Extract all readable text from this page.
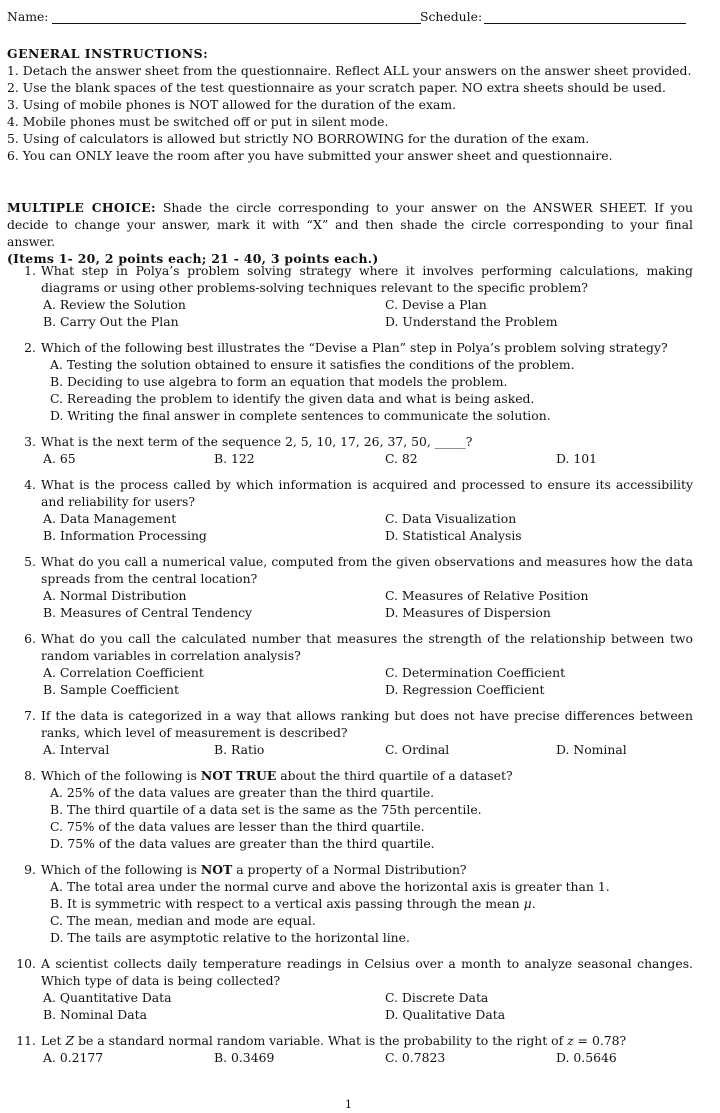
Name:	Schedule:
GENERAL INSTRUCTIONS:
1. Detach the answer sheet from the questionnaire. Reflect ALL your answers on the answer sheet provided.
2. Use the blank spaces of the test questionnaire as your scratch paper. NO extra sheets should be used.
3. Using of mobile phones is NOT allowed for the duration of the exam.
4. Mobile phones must be switched off or put in silent mode.
5. Using of calculators is allowed but strictly NO BORROWING for the duration of the exam.
6. You can ONLY leave the room after you have submitted your answer sheet and questionnaire.
MULTIPLE CHOICE: Shade the circle corresponding to your answer on the ANSWER SHEET. If you decide to change your answer, mark it with “X” and then shade the circle corresponding to your final answer.
(Items 1- 20, 2 points each; 21 - 40, 3 points each.)
1. What step in Polya’s problem solving strategy where it involves performing calculations, making diagrams or using other problems-solving techniques relevant to the specific problem?
A. Review the Solution	C. Devise a Plan
B. Carry Out the Plan	D. Understand the Problem
2. Which of the following best illustrates the “Devise a Plan” step in Polya’s problem solving strategy?
A. Testing the solution obtained to ensure it satisfies the conditions of the problem.
B. Deciding to use algebra to form an equation that models the problem.
C. Rereading the problem to identify the given data and what is being asked.
D. Writing the final answer in complete sentences to communicate the solution.
3. What is the next term of the sequence 2, 5, 10, 17, 26, 37, 50, _____?
A. 65	B. 122	C. 82	D. 101
4. What is the process called by which information is acquired and processed to ensure its accessibility and reliability for users?
A. Data Management	C. Data Visualization
B. Information Processing	D. Statistical Analysis
5. What do you call a numerical value, computed from the given observations and measures how the data spreads from the central location?
A. Normal Distribution	C. Measures of Relative Position
B. Measures of Central Tendency	D. Measures of Dispersion
6. What do you call the calculated number that measures the strength of the relationship between two random variables in correlation analysis?
A. Correlation Coefficient	C. Determination Coefficient
B. Sample Coefficient	D. Regression Coefficient
7. If the data is categorized in a way that allows ranking but does not have precise differences between ranks, which level of measurement is described?
A. Interval	B. Ratio	C. Ordinal	D. Nominal
8. Which of the following is NOT TRUE about the third quartile of a dataset?
A. 25% of the data values are greater than the third quartile.
B. The third quartile of a data set is the same as the 75th percentile.
C. 75% of the data values are lesser than the third quartile.
D. 75% of the data values are greater than the third quartile.
9. Which of the following is NOT a property of a Normal Distribution?
A. The total area under the normal curve and above the horizontal axis is greater than 1.
B. It is symmetric with respect to a vertical axis passing through the mean μ.
C. The mean, median and mode are equal.
D. The tails are asymptotic relative to the horizontal line.
10. A scientist collects daily temperature readings in Celsius over a month to analyze seasonal changes. Which type of data is being collected?
A. Quantitative Data	C. Discrete Data
B. Nominal Data	D. Qualitative Data
11. Let Z be a standard normal random variable. What is the probability to the right of z = 0.78?
A. 0.2177	B. 0.3469	C. 0.7823	D. 0.5646
1
